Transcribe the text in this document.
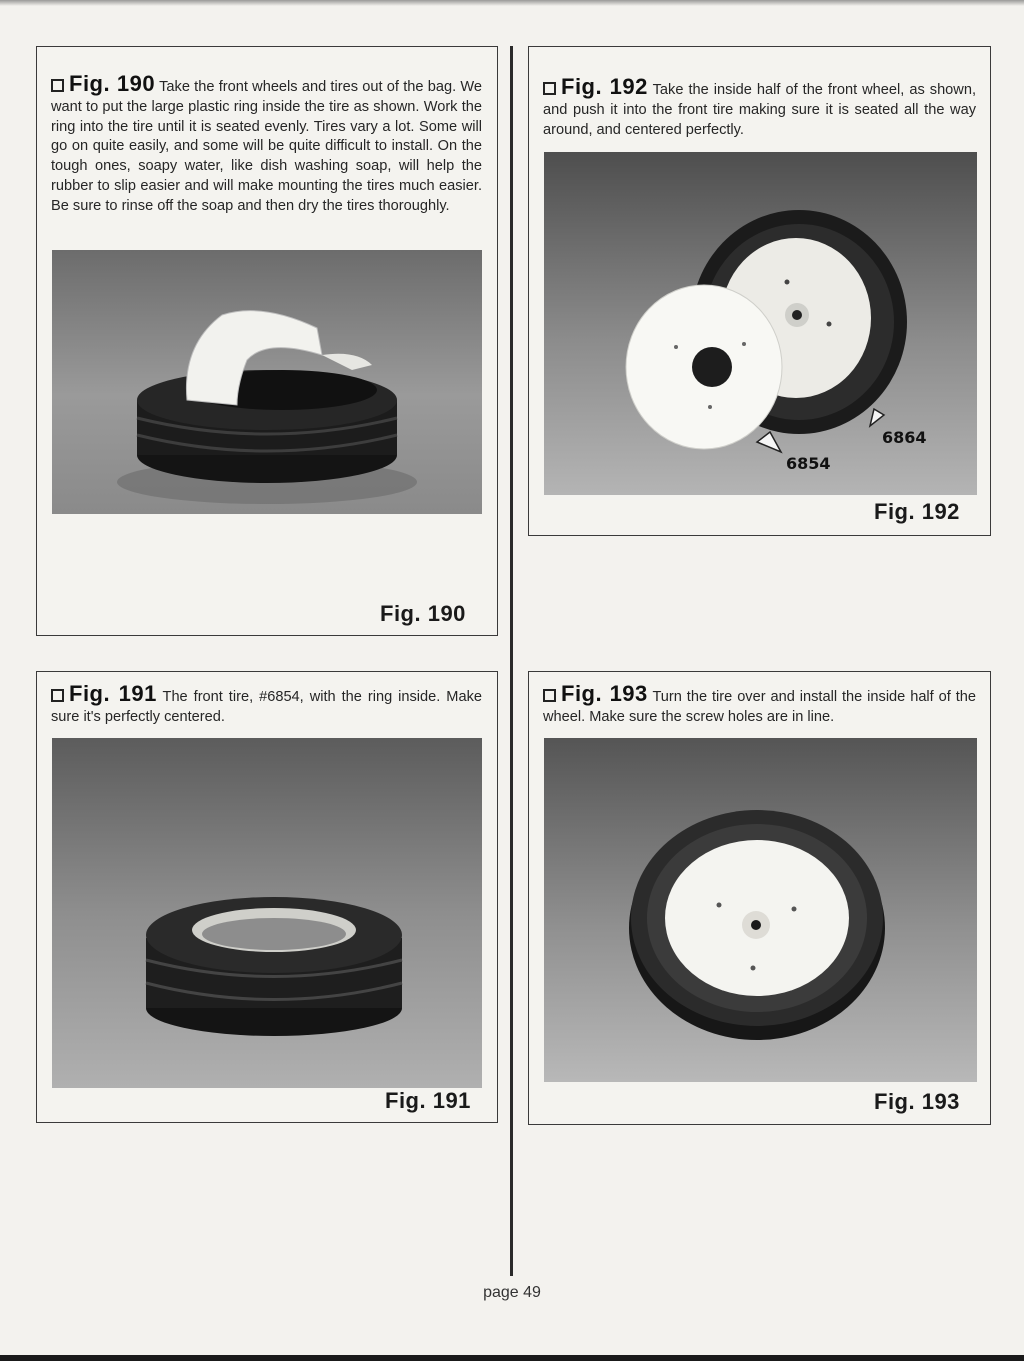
Fig. 190 Take the front wheels and tires out of the bag. We want to put the large plastic ring inside the tire as shown. Work the ring into the tire until it is seated evenly. Tires vary a lot. Some will go on quite easily, and some will be quite difficult to install. On the tough ones, soapy water, like dish washing soap, will help the rubber to slip easier and will make mounting the tires much easier. Be sure to rinse off the soap and then dry the tires thoroughly.
Fig. 190
Fig. 191 The front tire, #6854, with the ring inside. Make sure it's perfectly centered.
Fig. 191
Fig. 192 Take the inside half of the front wheel, as shown, and push it into the front tire making sure it is seated all the way around, and centered perfectly.
6864
6854
Fig. 192
Fig. 193 Turn the tire over and install the inside half of the wheel. Make sure the screw holes are in line.
Fig. 193
page 49
